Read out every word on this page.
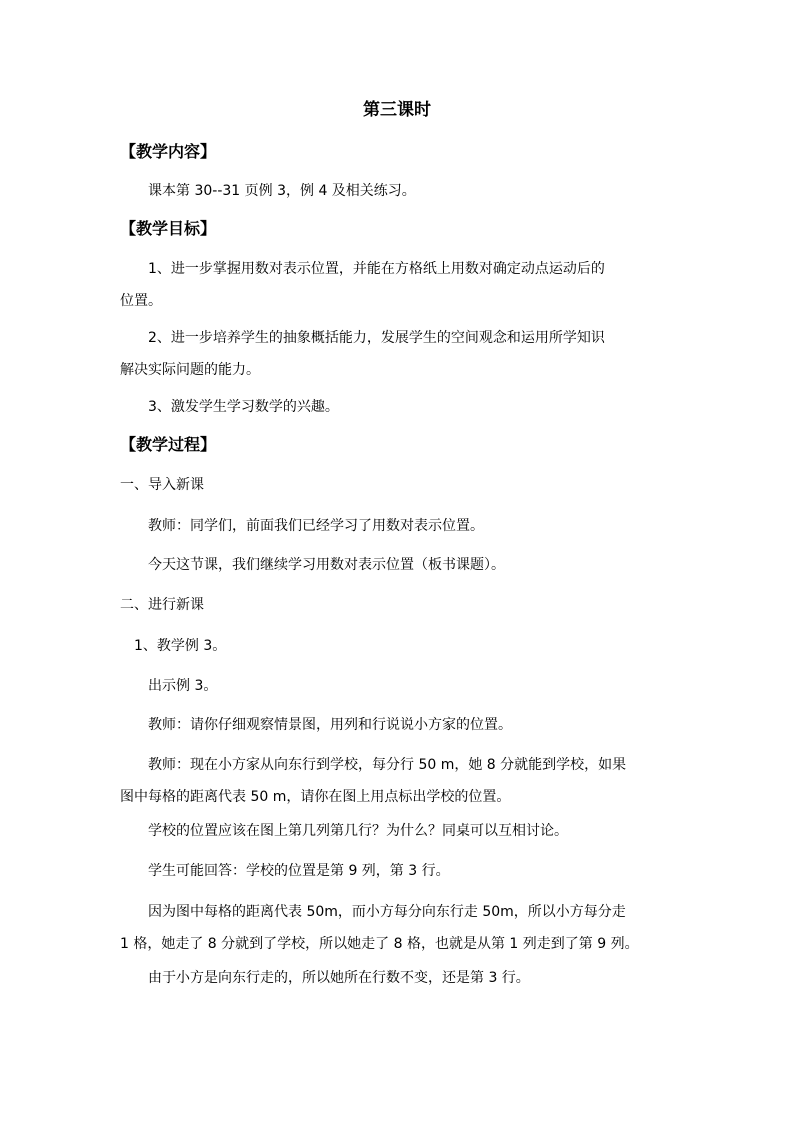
第三课时
【教学内容】
课本第 30--31 页例 3，例 4 及相关练习。
【教学目标】
1、进一步掌握用数对表示位置，并能在方格纸上用数对确定动点运动后的
位置。
2、进一步培养学生的抽象概括能力，发展学生的空间观念和运用所学知识
解决实际问题的能力。
3、激发学生学习数学的兴趣。
【教学过程】
一、导入新课
教师：同学们，前面我们已经学习了用数对表示位置。
今天这节课，我们继续学习用数对表示位置（板书课题）。
二、进行新课
1、教学例 3。
出示例 3。
教师：请你仔细观察情景图，用列和行说说小方家的位置。
教师：现在小方家从向东行到学校，每分行 50 m，她 8 分就能到学校，如果
图中每格的距离代表 50 m，请你在图上用点标出学校的位置。
学校的位置应该在图上第几列第几行？为什么？同桌可以互相讨论。
学生可能回答：学校的位置是第 9 列，第 3 行。
因为图中每格的距离代表 50m，而小方每分向东行走 50m，所以小方每分走
1 格，她走了 8 分就到了学校，所以她走了 8 格，也就是从第 1 列走到了第 9 列。
由于小方是向东行走的，所以她所在行数不变，还是第 3 行。
